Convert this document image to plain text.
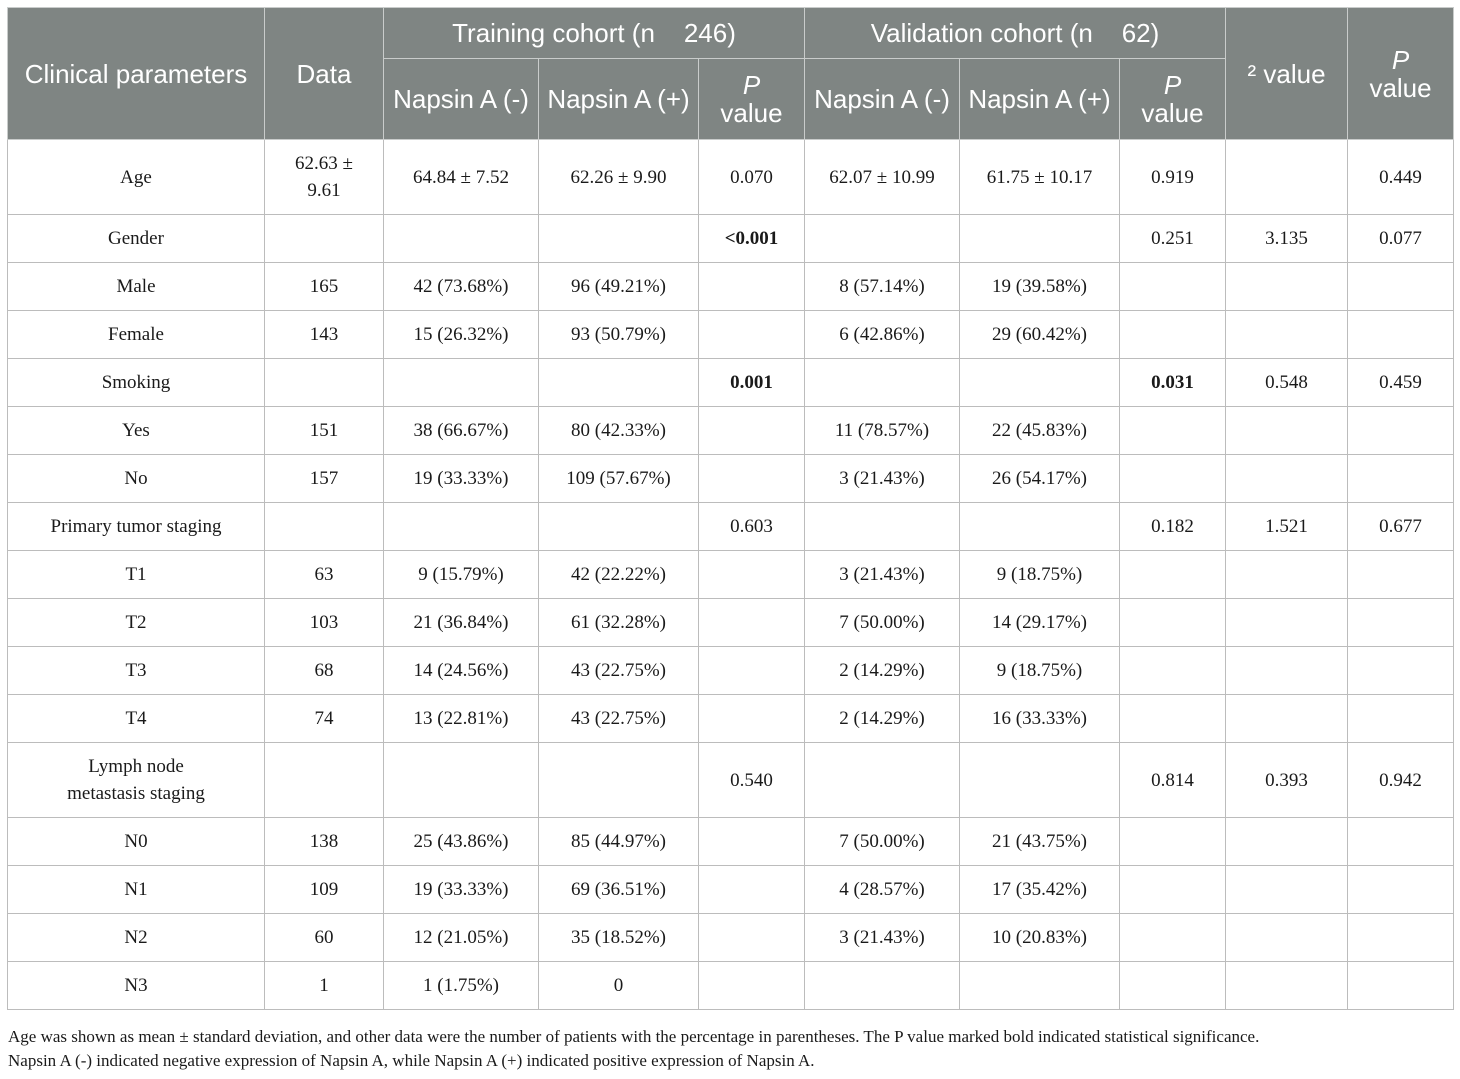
Clinical parameters	Data	Training cohort (n    246)			Validation cohort (n    62)			² value	P
value
		Napsin A (-)	Napsin A (+)	P
value	Napsin A (-)	Napsin A (+)	P
value		
Age	62.63 ± 9.61	64.84 ± 7.52	62.26 ± 9.90	0.070	62.07 ± 10.99	61.75 ± 10.17	0.919		0.449
Gender				<0.001			0.251	3.135	0.077
Male	165	42 (73.68%)	96 (49.21%)		8 (57.14%)	19 (39.58%)			
Female	143	15 (26.32%)	93 (50.79%)		6 (42.86%)	29 (60.42%)			
Smoking				0.001			0.031	0.548	0.459
Yes	151	38 (66.67%)	80 (42.33%)		11 (78.57%)	22 (45.83%)			
No	157	19 (33.33%)	109 (57.67%)		3 (21.43%)	26 (54.17%)			
Primary tumor staging				0.603			0.182	1.521	0.677
T1	63	9 (15.79%)	42 (22.22%)		3 (21.43%)	9 (18.75%)			
T2	103	21 (36.84%)	61 (32.28%)		7 (50.00%)	14 (29.17%)			
T3	68	14 (24.56%)	43 (22.75%)		2 (14.29%)	9 (18.75%)			
T4	74	13 (22.81%)	43 (22.75%)		2 (14.29%)	16 (33.33%)			
Lymph node metastasis staging				0.540			0.814	0.393	0.942
N0	138	25 (43.86%)	85 (44.97%)		7 (50.00%)	21 (43.75%)			
N1	109	19 (33.33%)	69 (36.51%)		4 (28.57%)	17 (35.42%)			
N2	60	12 (21.05%)	35 (18.52%)		3 (21.43%)	10 (20.83%)			
N3	1	1 (1.75%)	0						

Age was shown as mean ± standard deviation, and other data were the number of patients with the percentage in parentheses. The P value marked bold indicated statistical significance.

Napsin A (-) indicated negative expression of Napsin A, while Napsin A (+) indicated positive expression of Napsin A.
